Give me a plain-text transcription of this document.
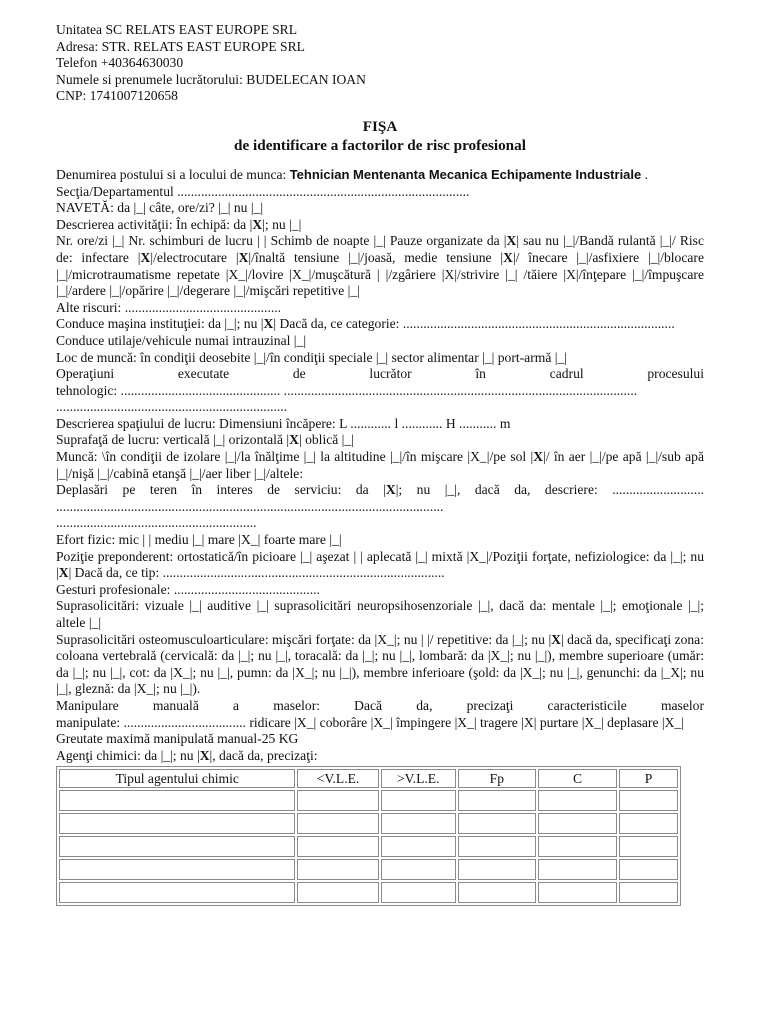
Unitatea SC RELATS EAST EUROPE SRL
Adresa: STR. RELATS EAST EUROPE SRL
Telefon +40364630030
Numele si prenumele lucrătorului: BUDELECAN IOAN
CNP: 1741007120658
FIŞA
de identificare a factorilor de risc profesional
Denumirea postului si a locului de munca: Tehnician Mentenanta Mecanica Echipamente Industriale .
Secţia/Departamentul ......................................................................................
NAVETĂ: da |_| câte, ore/zi? |_| nu |_|
Descrierea activităţii: În echipă: da |X|; nu |_|
Nr. ore/zi |_| Nr. schimburi de lucru | | Schimb de noapte |_| Pauze organizate da |X| sau nu |_|/Bandă rulantă |_|/ Risc de: infectare |X|/electrocutare |X|/înaltă tensiune |_|/joasă, medie tensiune |X|/ înecare |_|/asfixiere |_|/blocare |_|/microtraumatisme repetate |X_|/lovire |X_|/muşcătură | |/zgâriere |X|/strivire |_| /tăiere |X|/înţepare |_|/împuşcare |_|/ardere |_|/opărire |_|/degerare |_|/mişcări repetitive |_|
Alte riscuri: ..............................................
Conduce maşina instituţiei: da |_|; nu |X| Dacă da, ce categorie: ................................................................................
Conduce utilaje/vehicule numai intrauzinal |_|
Loc de muncă: în condiţii deosebite |_|/în condiţii speciale |_| sector alimentar |_| port-armă |_|
Operaţiuni executate de lucrător în cadrul procesului
tehnologic: ............................................... ........................................................................................................
....................................................................
Descrierea spaţiului de lucru: Dimensiuni încăpere: L ............ l ............ H ........... m
Suprafaţă de lucru: verticală |_| orizontală |X| oblică |_|
Muncă: \în condiţii de izolare |_|/la înălţime |_| la altitudine |_|/în mişcare |X_|/pe sol |X|/ în aer |_|/pe apă |_|/sub apă |_|/nişă |_|/cabină etanşă |_|/aer liber |_|/altele:
Deplasări pe teren în interes de serviciu: da |X|; nu |_|, dacă da, descriere: ........................... ..................................................................................................................
...........................................................
Efort fizic: mic | | mediu |_| mare |X_| foarte mare |_|
Poziţie preponderent: ortostatică/în picioare |_| aşezat | | aplecată |_| mixtă |X_|/Poziţii forţate, nefiziologice: da |_|; nu |X| Dacă da, ce tip: ...................................................................................
Gesturi profesionale: ...........................................
Suprasolicitări: vizuale |_| auditive |_| suprasolicitări neuropsihosenzoriale |_|, dacă da: mentale |_|; emoţionale |_|; altele |_|
Suprasolicitări osteomusculoarticulare: mişcări forţate: da |X_|; nu | |/ repetitive: da |_|; nu |X| dacă da, specificaţi zona: coloana vertebrală (cervicală: da |_|; nu |_|, toracală: da |_|; nu |_|, lombară: da |X_|; nu |_|), membre superioare (umăr: da |_|; nu |_|, cot: da |X_|; nu |_|, pumn: da |X_|; nu |_|), membre inferioare (şold: da |X_|; nu |_|, genunchi: da |_X|; nu |_|, gleznă: da |X_|; nu |_|).
Manipulare manuală a maselor: Dacă da, precizaţi caracteristicile maselor
manipulate: .................................... ridicare |X_| coborâre |X_| împingere |X_| tragere |X| purtare |X_| deplasare |X_|
Greutate maximă manipulată manual-25 KG
Agenţi chimici: da |_|; nu |X|, dacă da, precizaţi:
Tipul agentului chimic	<V.L.E.	>V.L.E.	Fp	C	P
